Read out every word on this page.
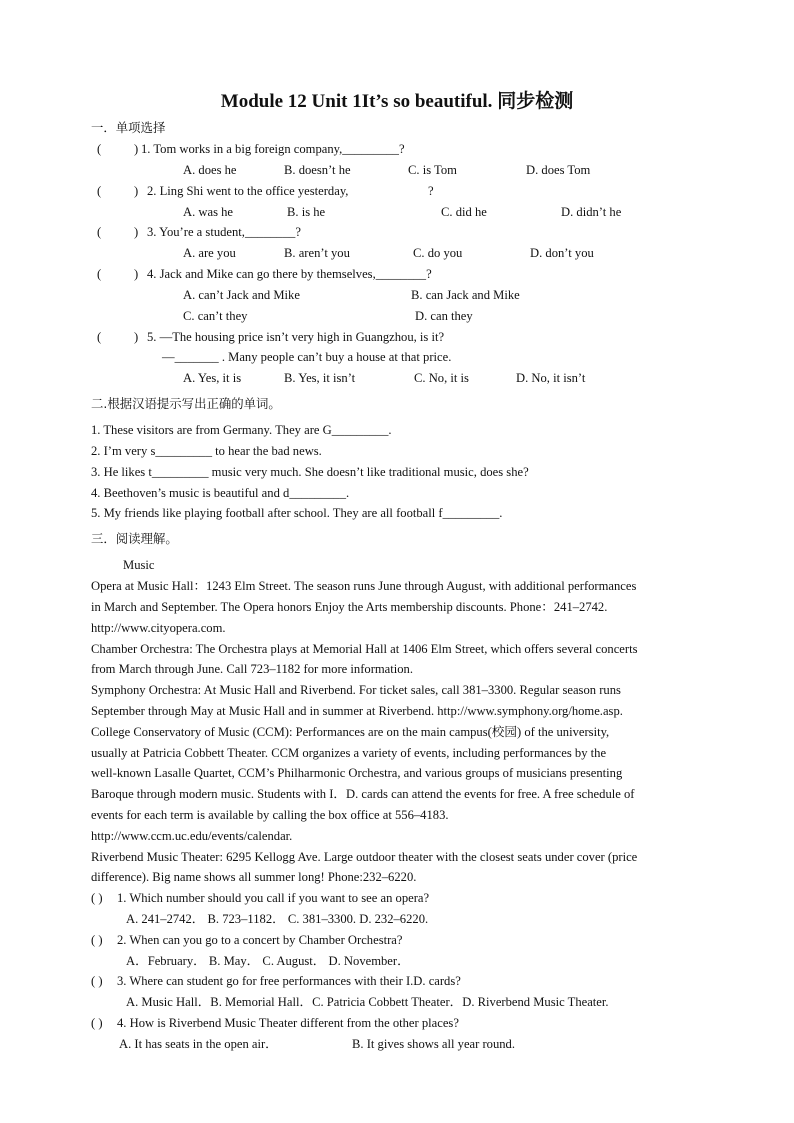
Module 12 Unit 1It’s so beautiful. 同步检测
一．单项选择
(	) 1. Tom works in a big foreign company,_________?
A. does he	B. doesn’t he	C. is Tom	D. does Tom
(	) 2. Ling Shi went to the office yesterday,	?
A. was he	B. is he	C. did he	D. didn’t he
(	) 3. You’re a student,________?
A. are you	B. aren’t you	C. do you	D. don’t you
(	) 4. Jack and Mike can go there by themselves,________?
A. can’t Jack and Mike	B. can Jack and Mike
C. can’t they	D. can they
(	) 5. —The housing price isn’t very high in Guangzhou, is it?
—_______ . Many people can’t buy a house at that price.
A. Yes, it is	B. Yes, it isn’t	C. No, it is	D. No, it isn’t
二.根据汉语提示写出正确的单词。
1. These visitors are from Germany. They are G_________.
2. I’m very s_________ to hear the bad news.
3. He likes t_________ music very much. She doesn’t like traditional music, does she?
4. Beethoven’s music is beautiful and d_________.
5. My friends like playing football after school. They are all football f_________.
三．阅读理解。
Music
Opera at Music Hall：1243 Elm Street. The season runs June through August, with additional performances
in March and September. The Opera honors Enjoy the Arts membership discounts. Phone：241–2742.
http://www.cityopera.com.
Chamber Orchestra: The Orchestra plays at Memorial Hall at 1406 Elm Street, which offers several concerts
from March through June. Call 723–1182 for more information.
Symphony Orchestra: At Music Hall and Riverbend. For ticket sales, call 381–3300. Regular season runs
September through May at Music Hall and in summer at Riverbend. http://www.symphony.org/home.asp.
College Conservatory of Music (CCM): Performances are on the main campus(校园) of the university,
usually at Patricia Cobbett Theater. CCM organizes a variety of events, including performances by the
well-known Lasalle Quartet, CCM’s Philharmonic Orchestra, and various groups of musicians presenting
Baroque through modern music. Students with I．D. cards can attend the events for free. A free schedule of
events for each term is available by calling the box office at 556–4183.
http://www.ccm.uc.edu/events/calendar.
Riverbend Music Theater: 6295 Kellogg Ave. Large outdoor theater with the closest seats under cover (price
difference). Big name shows all summer long! Phone:232–6220.
( ) 1. Which number should you call if you want to see an opera?
A. 241–2742． B. 723–1182． C. 381–3300. D. 232–6220.
( ) 2. When can you go to a concert by Chamber Orchestra?
A．February． B. May． C. August． D. November．
( ) 3. Where can student go for free performances with their I.D. cards?
A. Music Hall．B. Memorial Hall．C. Patricia Cobbett Theater．D. Riverbend Music Theater.
( ) 4. How is Riverbend Music Theater different from the other places?
A. It has seats in the open air．	B. It gives shows all year round.
